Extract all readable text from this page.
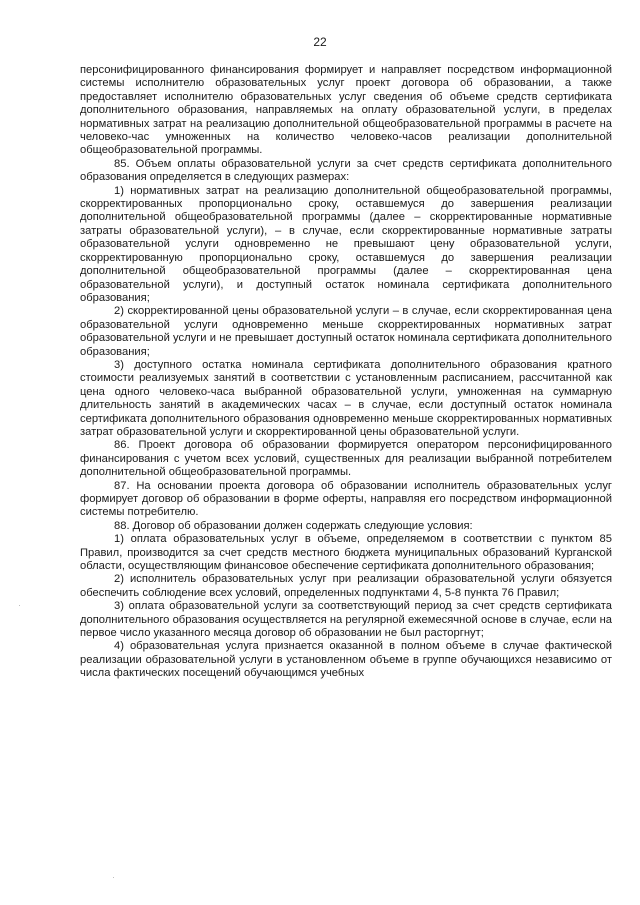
22

персонифицированного финансирования формирует и направляет посредством информационной системы исполнителю образовательных услуг проект договора об образовании, а также предоставляет исполнителю образовательных услуг сведения об объеме средств сертификата дополнительного образования, направляемых на оплату образовательной услуги, в пределах нормативных затрат на реализацию дополнительной общеобразовательной программы в расчете на человеко-час умноженных на количество человеко-часов реализации дополнительной общеобразовательной программы.

85. Объем оплаты образовательной услуги за счет средств сертификата дополнительного образования определяется в следующих размерах:

1) нормативных затрат на реализацию дополнительной общеобразовательной программы, скорректированных пропорционально сроку, оставшемуся до завершения реализации дополнительной общеобразовательной программы (далее – скорректированные нормативные затраты образовательной услуги), – в случае, если скорректированные нормативные затраты образовательной услуги одновременно не превышают цену образовательной услуги, скорректированную пропорционально сроку, оставшемуся до завершения реализации дополнительной общеобразовательной программы (далее – скорректированная цена образовательной услуги), и доступный остаток номинала сертификата дополнительного образования;

2) скорректированной цены образовательной услуги – в случае, если скорректированная цена образовательной услуги одновременно меньше скорректированных нормативных затрат образовательной услуги и не превышает доступный остаток номинала сертификата дополнительного образования;

3) доступного остатка номинала сертификата дополнительного образования кратного стоимости реализуемых занятий в соответствии с установленным расписанием, рассчитанной как цена одного человеко-часа выбранной образовательной услуги, умноженная на суммарную длительность занятий в академических часах – в случае, если доступный остаток номинала сертификата дополнительного образования одновременно меньше скорректированных нормативных затрат образовательной услуги и скорректированной цены образовательной услуги.

86. Проект договора об образовании формируется оператором персонифицированного финансирования с учетом всех условий, существенных для реализации выбранной потребителем дополнительной общеобразовательной программы.

87. На основании проекта договора об образовании исполнитель образовательных услуг формирует договор об образовании в форме оферты, направляя его посредством информационной системы потребителю.

88. Договор об образовании должен содержать следующие условия:

1) оплата образовательных услуг в объеме, определяемом в соответствии с пунктом 85 Правил, производится за счет средств местного бюджета муниципальных образований Курганской области, осуществляющим финансовое обеспечение сертификата дополнительного образования;

2) исполнитель образовательных услуг при реализации образовательной услуги обязуется обеспечить соблюдение всех условий, определенных подпунктами 4, 5-8 пункта 76 Правил;

3) оплата образовательной услуги за соответствующий период за счет средств сертификата дополнительного образования осуществляется на регулярной ежемесячной основе в случае, если на первое число указанного месяца договор об образовании не был расторгнут;

4) образовательная услуга признается оказанной в полном объеме в случае фактической реализации образовательной услуги в установленном объеме в группе обучающихся независимо от числа фактических посещений обучающимся учебных

·
·
